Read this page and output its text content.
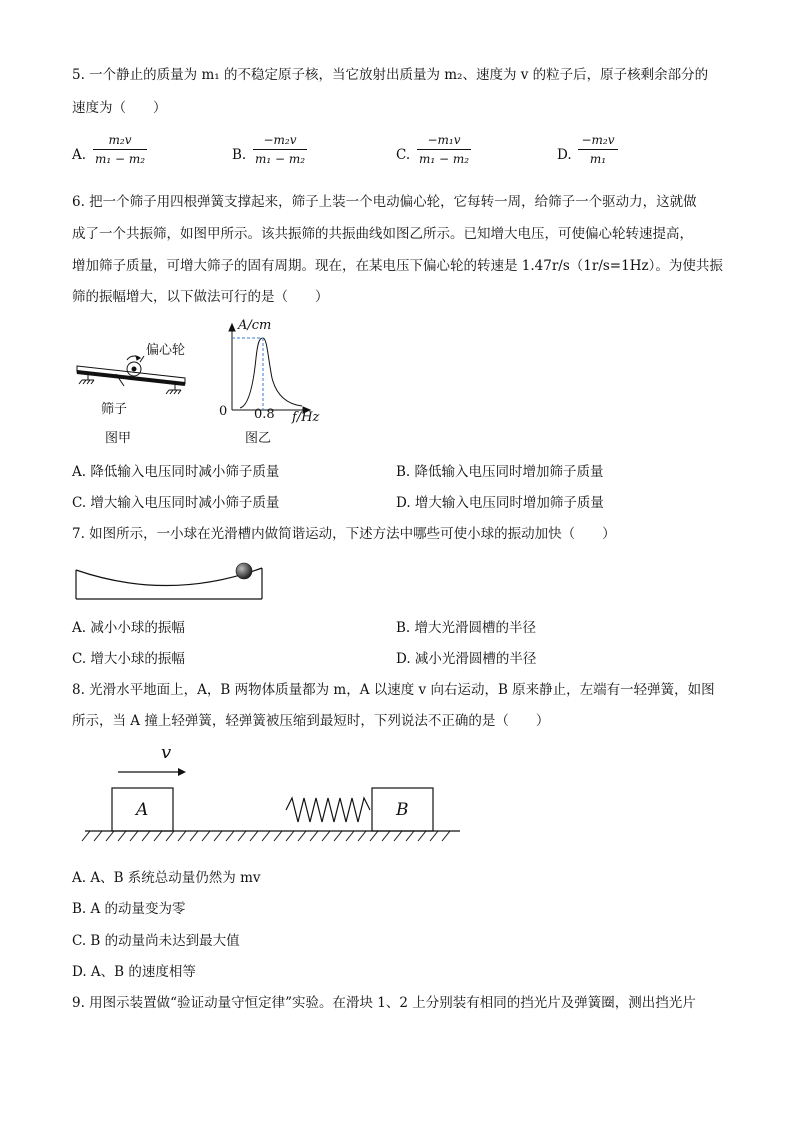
5. 一个静止的质量为 m₁ 的不稳定原子核，当它放射出质量为 m₂、速度为 v 的粒子后，原子核剩余部分的
速度为（　　）
A.
m₂v
m₁ − m₂	B.
−m₂v
m₁ − m₂	C.
−m₁v
m₁ − m₂	D.
−m₂v
m₁
6. 把一个筛子用四根弹簧支撑起来，筛子上装一个电动偏心轮，它每转一周，给筛子一个驱动力，这就做
成了一个共振筛，如图甲所示。该共振筛的共振曲线如图乙所示。已知增大电压，可使偏心轮转速提高，
增加筛子质量，可增大筛子的固有周期。现在，在某电压下偏心轮的转速是 1.47r/s（1r/s=1Hz）。为使共振
筛的振幅增大，以下做法可行的是（　　）
偏心轮
筛子
图甲
A/cm
0 0.8 f/Hz
图乙
A. 降低输入电压同时减小筛子质量	B. 降低输入电压同时增加筛子质量
C. 增大输入电压同时减小筛子质量	D. 增大输入电压同时增加筛子质量
7. 如图所示，一小球在光滑槽内做简谐运动，下述方法中哪些可使小球的振动加快（　　）
A. 减小小球的振幅	B. 增大光滑圆槽的半径
C. 增大小球的振幅	D. 减小光滑圆槽的半径
8. 光滑水平地面上，A，B 两物体质量都为 m，A 以速度 v 向右运动，B 原来静止，左端有一轻弹簧，如图
所示，当 A 撞上轻弹簧，轻弹簧被压缩到最短时，下列说法不正确的是（　　）
v
A	B
A. A、B 系统总动量仍然为 mv
B. A 的动量变为零
C. B 的动量尚未达到最大值
D. A、B 的速度相等
9. 用图示装置做“验证动量守恒定律”实验。在滑块 1、2 上分别装有相同的挡光片及弹簧圈，测出挡光片
